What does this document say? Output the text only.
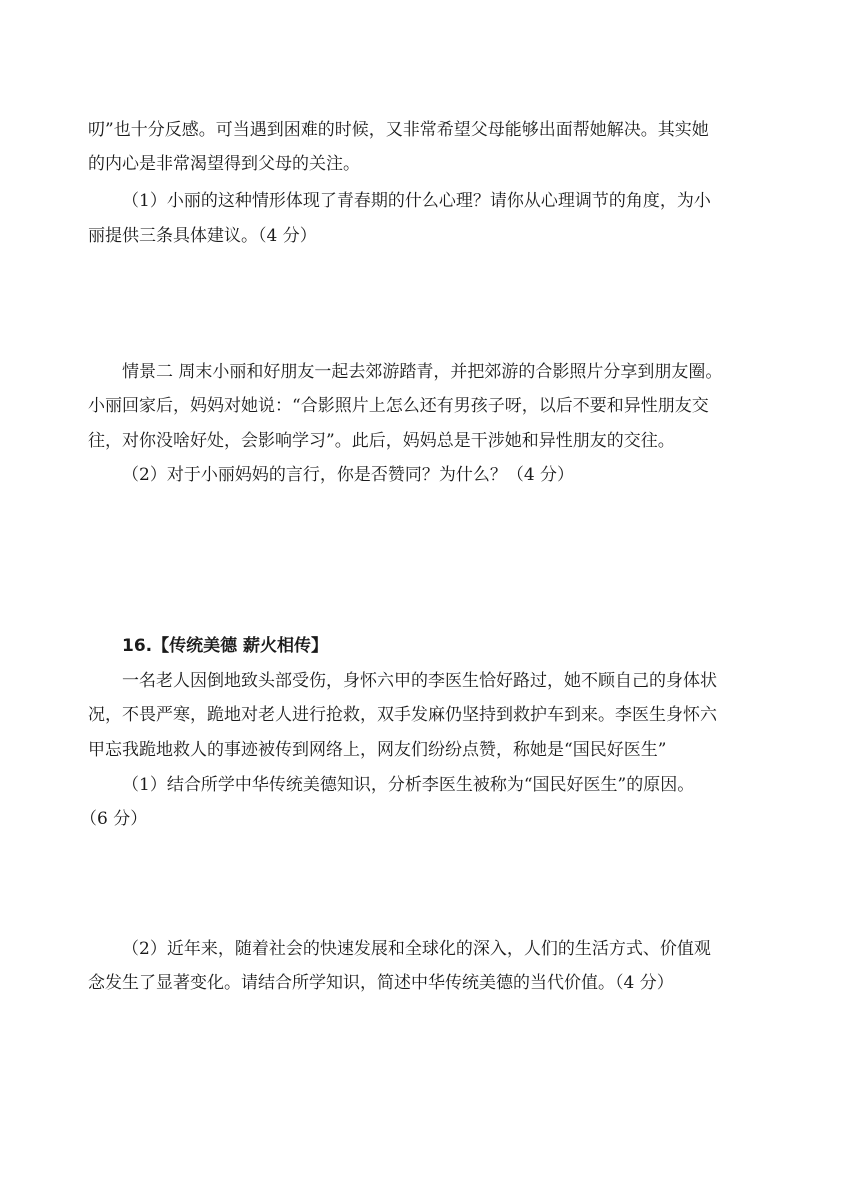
叨”也十分反感。可当遇到困难的时候，又非常希望父母能够出面帮她解决。其实她
的内心是非常渴望得到父母的关注。
（1）小丽的这种情形体现了青春期的什么心理？请你从心理调节的角度，为小
丽提供三条具体建议。（4 分）
情景二 周末小丽和好朋友一起去郊游踏青，并把郊游的合影照片分享到朋友圈。
小丽回家后，妈妈对她说：“合影照片上怎么还有男孩子呀，以后不要和异性朋友交
往，对你没啥好处，会影响学习”。此后，妈妈总是干涉她和异性朋友的交往。
（2）对于小丽妈妈的言行，你是否赞同？为什么？（4 分）
16.【传统美德 薪火相传】
一名老人因倒地致头部受伤，身怀六甲的李医生恰好路过，她不顾自己的身体状
况，不畏严寒，跪地对老人进行抢救，双手发麻仍坚持到救护车到来。李医生身怀六
甲忘我跪地救人的事迹被传到网络上，网友们纷纷点赞，称她是“国民好医生”
（1）结合所学中华传统美德知识，分析李医生被称为“国民好医生”的原因。
（6 分）
（2）近年来，随着社会的快速发展和全球化的深入，人们的生活方式、价值观
念发生了显著变化。请结合所学知识，简述中华传统美德的当代价值。（4 分）
